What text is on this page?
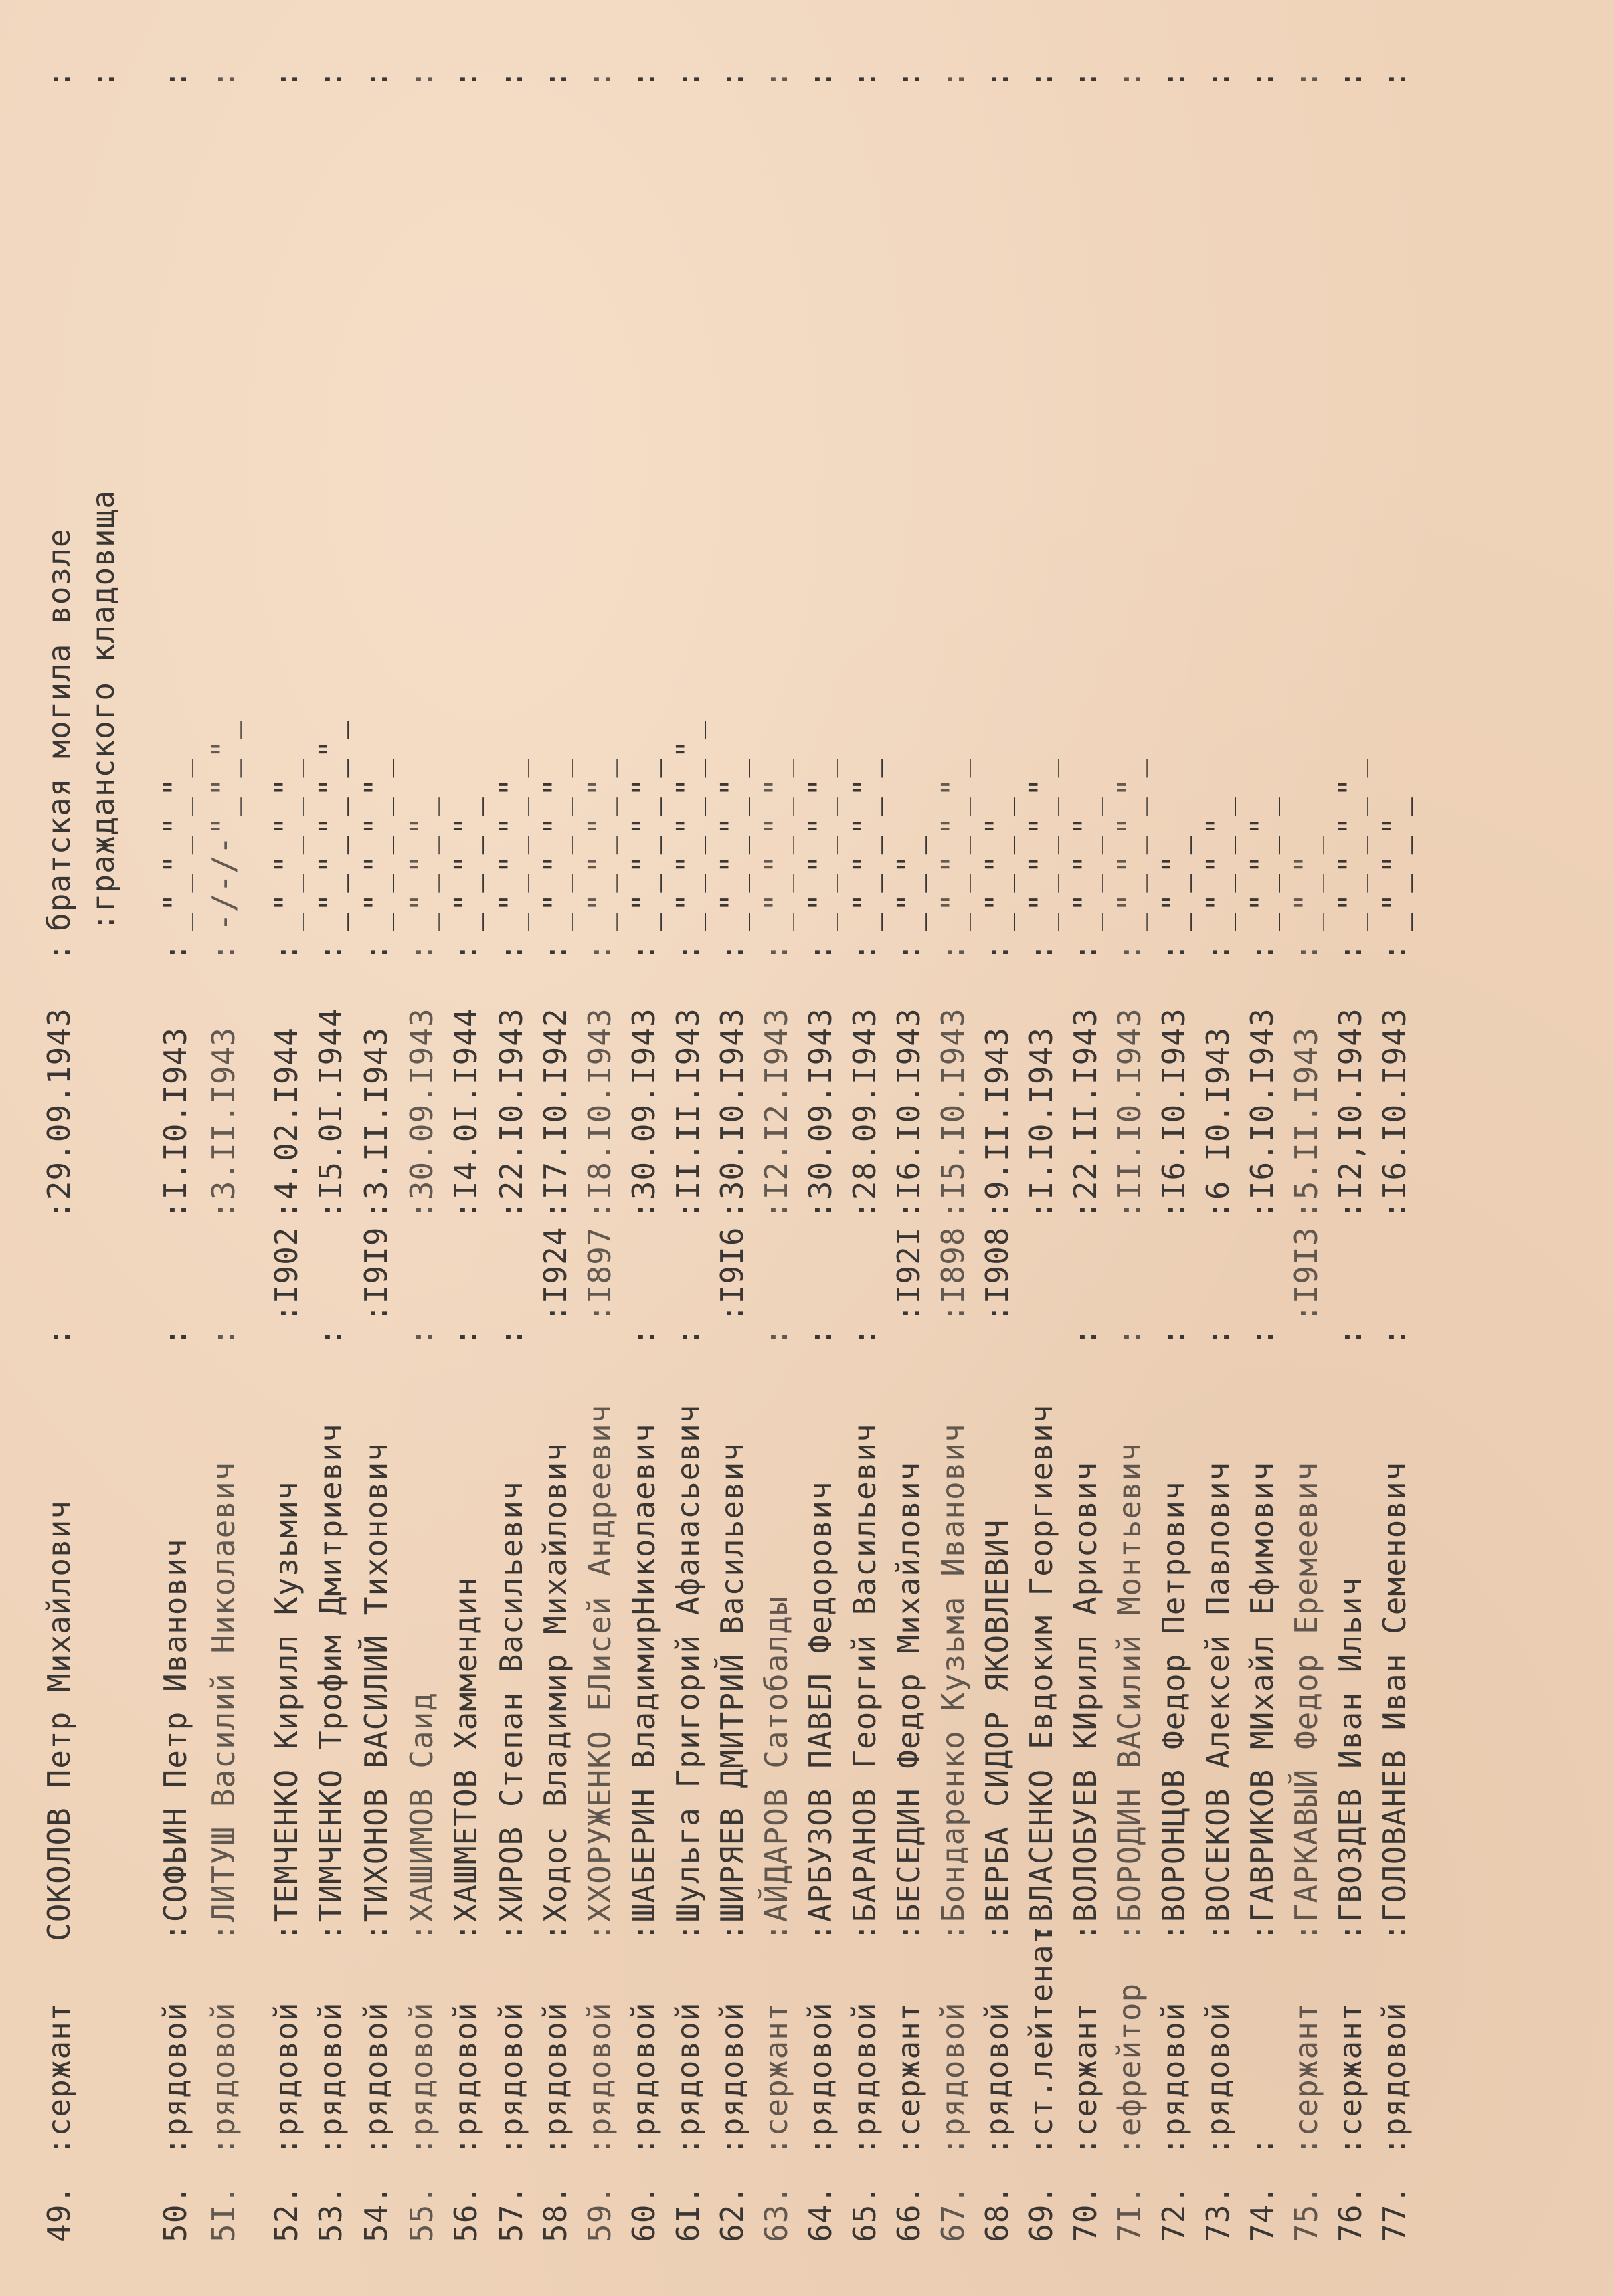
49.
:сержант
СОКОЛОВ Петр Михайлович
:
:29.09.1943
:
братская могила возле
:
:гражданского кладовища
:
50.
:рядовой
:СОФЬИН Петр Иванович
:
:I.I0.I943
:
_"_"_"_"_
:
5I.
:рядовой
:ЛИТУШ Василий Николаевич
:
:3.II.I943
:
-/-/-"_"_"_
:
52.
:рядовой
:ТЕМЧЕНКО Кирилл Кузьмич
:I902
:4.02.I944
:
_"_"_"_"_
:
53.
:рядовой
:ТИМЧЕНКО Трофим Дмитриевич
:
:I5.0I.I944
:
_"_"_"_"_"_
:
54.
:рядовой
:ТИХОНОВ ВАСИЛИЙ Тихонович
:I9I9
:3.II.I943
:
_"_"_"_"_
:
55.
:рядовой
:ХАШИМОВ Саид
:
:30.09.I943
:
_"_"_"_
:
56.
:рядовой
:ХАШМЕТОВ Хамменд​ин
:
:I4.0I.I944
:
_"_"_"_
:
57.
:рядовой
:ХИРОВ Степан Васильевич
:
:22.I0.I943
:
_"_"_"_"_
:
58.
:рядовой
:Ходос Владимир Михайлович
:I924
:I7.I0.I942
:
_"_"_"_"_
:
59.
:рядовой
:ХХОРУЖЕНКО ЕЛисей Андреевич
:I897
:I8.I0.I943
:
_"_"_"_"_
:
60.
:рядовой
:ШАБЕРИН ВладимирНиколаевич
:
:30.09.I943
:
_"_"_"_"_
:
6I.
:рядовой
:Шульга Григорий Афанасьевич
:
:II.II.I943
:
_"_"_"_"_"_
:
62.
:рядовой
:ШИРЯЕВ ДМИТРИЙ Васильевич
:I9I6
:30.I0.I943
:
_"_"_"_"_
:
63.
:сержант
:АЙДАРОВ Сатобалды
:
:I2.I2.I943
:
_"_"_"_"_
:
64.
:рядовой
:АРБУЗОВ ПАВЕЛ Федорович
:
:30.09.I943
:
_"_"_"_"_
:
65.
:рядовой
:БАРАНОВ Георгий Васильевич
:
:28.09.I943
:
_"_"_"_"_
:
66.
:сержант
:БЕСЕДИН Федор Михайлович
:I92I
:I6.I0.I943
:
_"_"_
:
67.
:рядовой
:Бондаренко Кузьма Иванович
:I898
:I5.I0.I943
:
_"_"_"_"_
:
68.
:рядовой
:ВЕРБА СИДОР ЯКОВЛЕВИЧ
:I908
:9.II.I943
:
_"_"_"_
:
69.
:ст.лейтенат
:ВЛАСЕНКО Евдоким Георгиевич
:I.I0.I943
:
_"_"_"_"_
:
70.
:сержант
:ВОЛОБУЕВ КИрилл Арисович
:
:22.II.I943
:
_"_"_"_
:
7I.
:ефрейтор
:БОРОДИН ВАСилий Монтьевич
:
:II.I0.I943
:
_"_"_"_"_
:
72.
:рядовой
:ВОРОНЦОВ Федор Петрович
:
:I6.I0.I943
:
_"_"_
:
73.
:рядовой
:ВОСЕКОВ Алексей Павлович
:
:6 I0.I943
:
_"_"_"_
:
74.
:
:ГАВРИКОВ МИхайл Ефимович
:
:I6.I0.I943
:
_"_"_"_
:
75.
:сержант
:ГАРКАВЫЙ Федор Еремеевич
:I9I3
:5.II.I943
:
_"_"_
:
76.
:сержант
:ГВОЗДЕВ Иван Ильич
:
:I2,I0.I943
:
_"_"_"_"_
:
77.
:рядовой
:ГОЛОВАНЕВ Иван Семенович
:
:I6.I0.I943
:
_"_"_"_
:
